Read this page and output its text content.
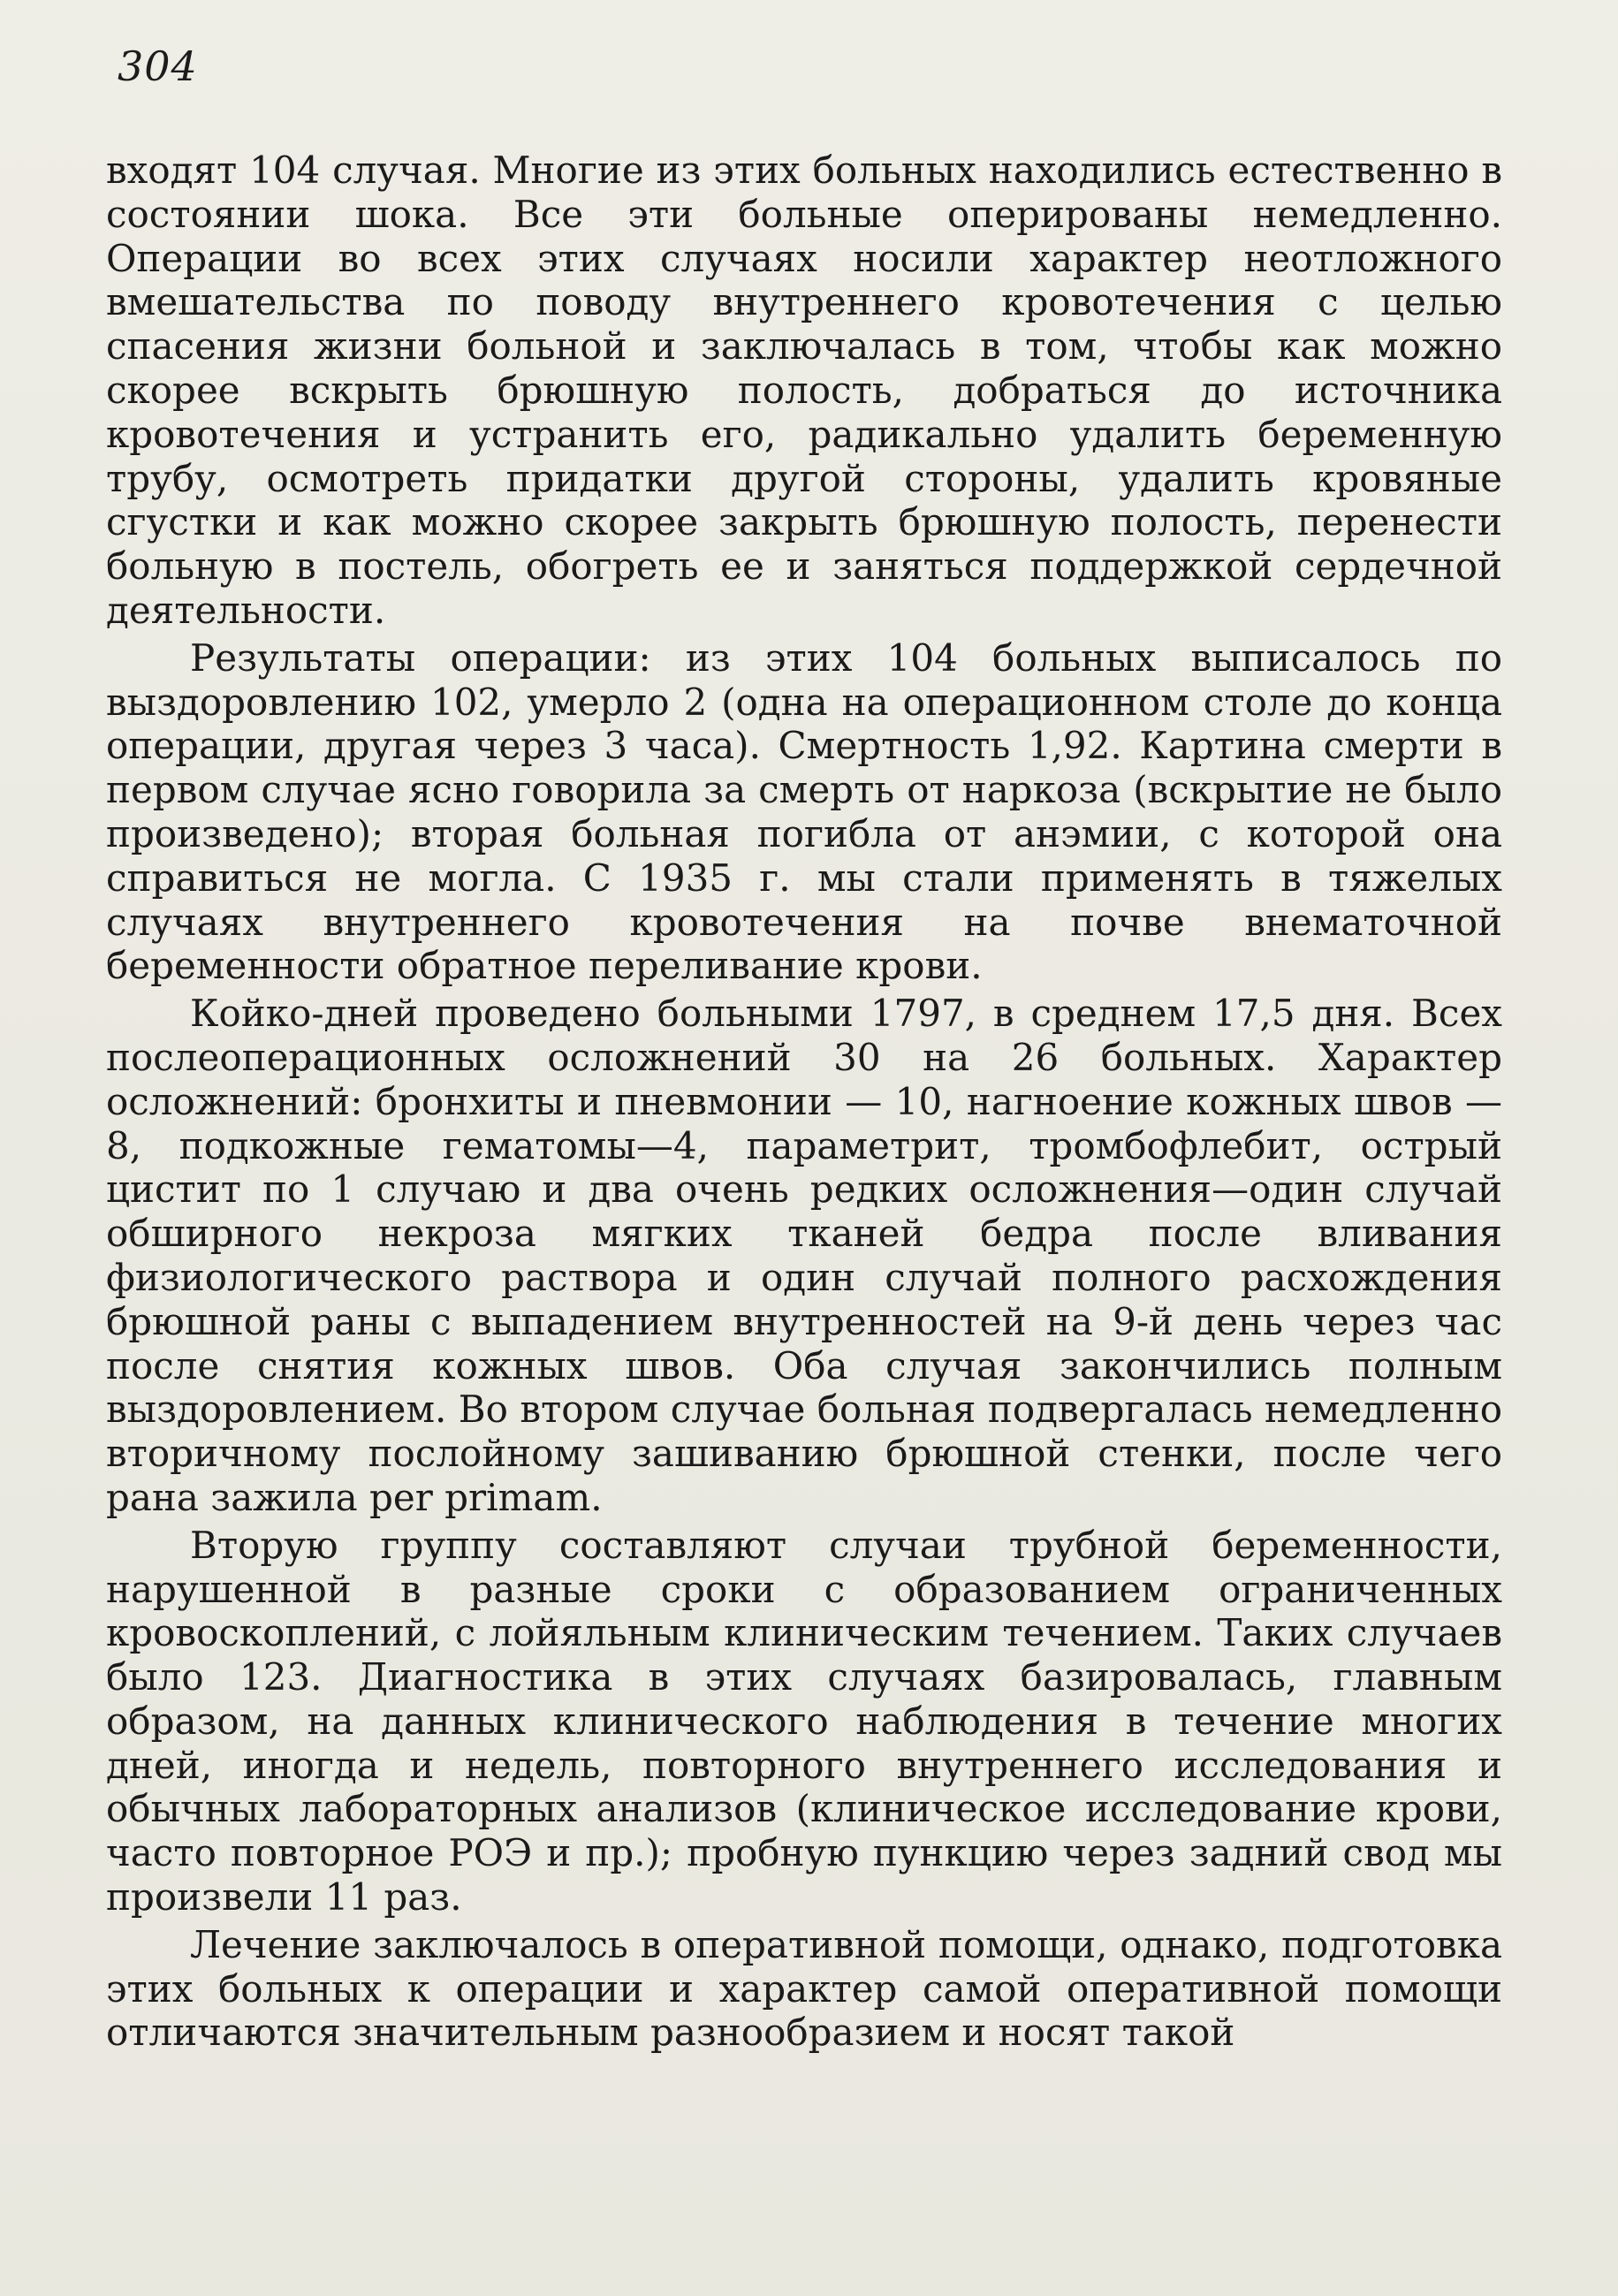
304

входят 104 случая. Многие из этих больных находились естественно в состоянии шока. Все эти больные оперированы немедленно. Операции во всех этих случаях носили характер неотложного вмешательства по поводу внутреннего кровотечения с целью спасения жизни больной и заключалась в том, чтобы как можно скорее вскрыть брюшную полость, добраться до источника кровотечения и устранить его, радикально удалить беременную трубу, осмотреть придатки другой стороны, удалить кровяные сгустки и как можно скорее закрыть брюшную полость, перенести больную в постель, обогреть ее и заняться поддержкой сердечной деятельности.

Результаты операции: из этих 104 больных выписалось по выздоровлению 102, умерло 2 (одна на операционном столе до конца операции, другая через 3 часа). Смертность 1,92. Картина смерти в первом случае ясно говорила за смерть от наркоза (вскрытие не было произведено); вторая больная погибла от анэмии, с которой она справиться не могла. С 1935 г. мы стали применять в тяжелых случаях внутреннего кровотечения на почве внематочной беременности обратное переливание крови.

Койко-дней проведено больными 1797, в среднем 17,5 дня. Всех послеоперационных осложнений 30 на 26 больных. Характер осложнений: бронхиты и пневмонии — 10, нагноение кожных швов — 8, подкожные гематомы—4, параметрит, тромбофлебит, острый цистит по 1 случаю и два очень редких осложнения—один случай обширного некроза мягких тканей бедра после вливания физиологического раствора и один случай полного расхождения брюшной раны с выпадением внутренностей на 9-й день через час после снятия кожных швов. Оба случая закончились полным выздоровлением. Во втором случае больная подвергалась немедленно вторичному послойному зашиванию брюшной стенки, после чего рана зажила per primam.

Вторую группу составляют случаи трубной беременности, нарушенной в разные сроки с образованием ограниченных кровоскоплений, с лойяльным клиническим течением. Таких случаев было 123. Диагностика в этих случаях базировалась, главным образом, на данных клинического наблюдения в течение многих дней, иногда и недель, повторного внутреннего исследования и обычных лабораторных анализов (клиническое исследование крови, часто повторное РОЭ и пр.); пробную пункцию через задний свод мы произвели 11 раз.

Лечение заключалось в оперативной помощи, однако, подготовка этих больных к операции и характер самой оперативной помощи отличаются значительным разнообразием и носят такой
